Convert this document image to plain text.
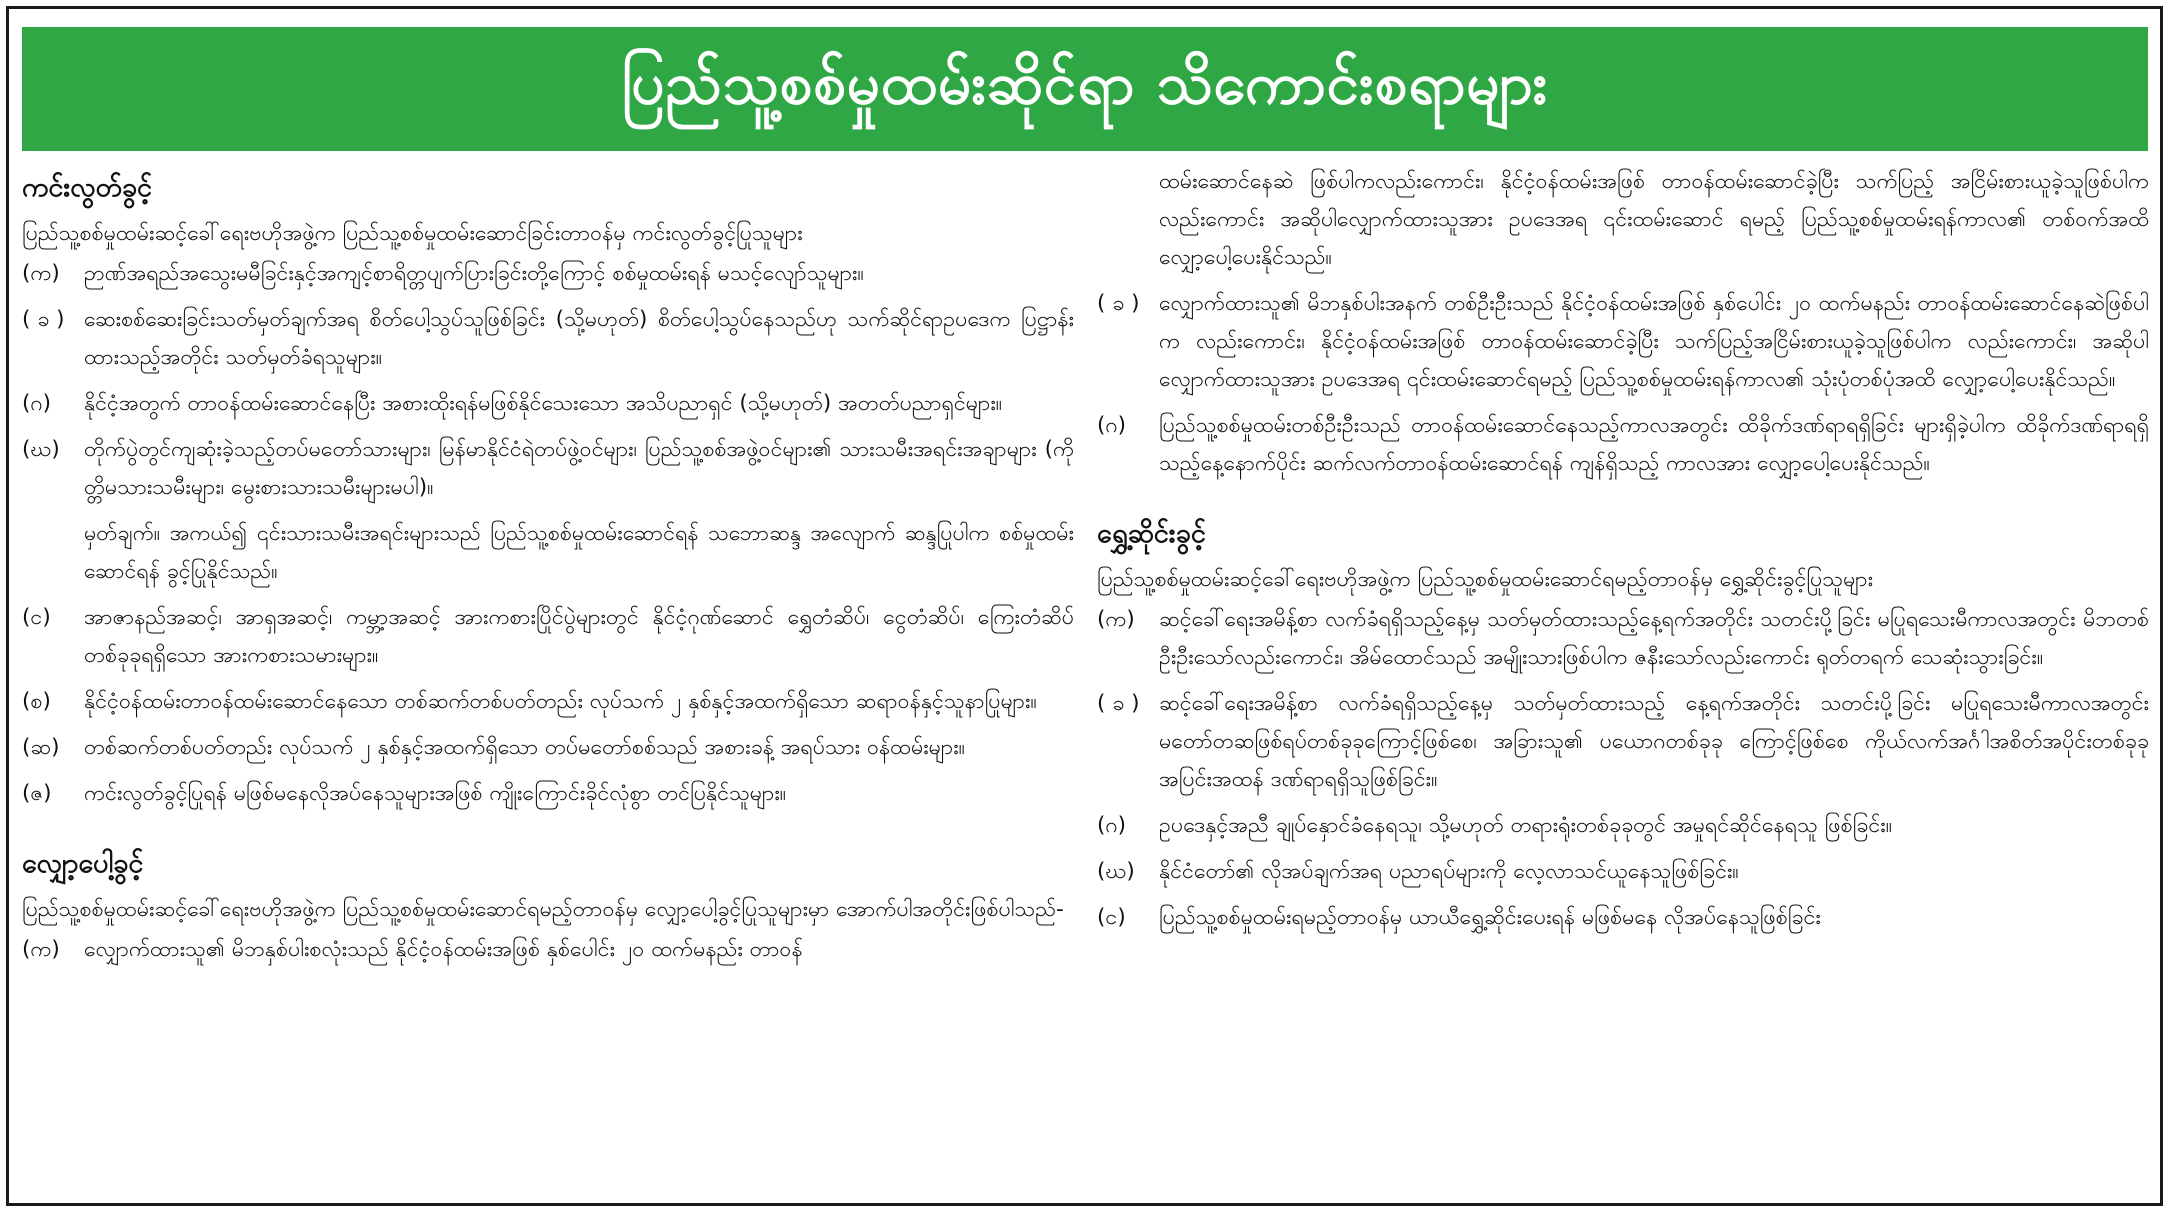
ပြည်သူ့စစ်မှုထမ်းဆိုင်ရာ သိကောင်းစရာများ
ကင်းလွတ်ခွင့်

ပြည်သူ့စစ်မှုထမ်းဆင့်ခေါ်ရေးဗဟိုအဖွဲ့က ပြည်သူ့စစ်မှုထမ်းဆောင်ခြင်းတာဝန်မှ ကင်းလွတ်ခွင့်ပြုသူများ

(က)	ဉာဏ်အရည်အသွေးမမီခြင်းနှင့်အကျင့်စာရိတ္တပျက်ပြားခြင်းတို့ကြောင့် စစ်မှုထမ်းရန် မသင့်လျော်သူများ။
( ခ ) ဆေးစစ်ဆေးခြင်းသတ်မှတ်ချက်အရ စိတ်ပေါ့သွပ်သူဖြစ်ခြင်း (သို့မဟုတ်) စိတ်ပေါ့သွပ်နေသည်ဟု သက်ဆိုင်ရာဥပဒေက ပြဋ္ဌာန်းထားသည့်အတိုင်း သတ်မှတ်ခံရသူများ။
(ဂ)	နိုင်ငံ့အတွက် တာဝန်ထမ်းဆောင်နေပြီး အစားထိုးရန်မဖြစ်နိုင်သေးသော အသိပညာရှင် (သို့မဟုတ်) အတတ်ပညာရှင်များ။
(ဃ)	တိုက်ပွဲတွင်ကျဆုံးခဲ့သည့်တပ်မတော်သားများ၊ မြန်မာနိုင်ငံရဲတပ်ဖွဲ့ဝင်များ၊ ပြည်သူ့စစ်အဖွဲ့ဝင်များ၏ သားသမီးအရင်းအချာများ (ကိုတ္တိမသားသမီးများ၊ မွေးစားသားသမီးများမပါ)။
မှတ်ချက်။ အကယ်၍ ၎င်းသားသမီးအရင်းများသည် ပြည်သူ့စစ်မှုထမ်းဆောင်ရန် သဘောဆန္ဒ အလျောက် ဆန္ဒပြုပါက စစ်မှုထမ်းဆောင်ရန် ခွင့်ပြုနိုင်သည်။
(င)	အာဇာနည်အဆင့်၊ အာရှအဆင့်၊ ကမ္ဘာ့အဆင့် အားကစားပြိုင်ပွဲများတွင် နိုင်ငံ့ဂုဏ်ဆောင် ရွှေတံဆိပ်၊ ငွေတံဆိပ်၊ ကြေးတံဆိပ်တစ်ခုခုရရှိသော အားကစားသမားများ။
(စ)	နိုင်ငံ့ဝန်ထမ်းတာဝန်ထမ်းဆောင်နေသော တစ်ဆက်တစ်ပတ်တည်း လုပ်သက် ၂ နှစ်နှင့်အထက်ရှိသော ဆရာဝန်နှင့်သူနာပြုများ။
(ဆ)	တစ်ဆက်တစ်ပတ်တည်း လုပ်သက် ၂ နှစ်နှင့်အထက်ရှိသော တပ်မတော်စစ်သည် အစားခန့် အရပ်သား ဝန်ထမ်းများ။
(ဇ)	ကင်းလွတ်ခွင့်ပြုရန် မဖြစ်မနေလိုအပ်နေသူများအဖြစ် ကျိုးကြောင်းခိုင်လုံစွာ တင်ပြနိုင်သူများ။
လျှော့ပေါ့ခွင့်

ပြည်သူ့စစ်မှုထမ်းဆင့်ခေါ်ရေးဗဟိုအဖွဲ့က ပြည်သူ့စစ်မှုထမ်းဆောင်ရမည့်တာဝန်မှ လျှော့ပေါ့ခွင့်ပြုသူများမှာ အောက်ပါအတိုင်းဖြစ်ပါသည်-

(က)	လျှောက်ထားသူ၏ မိဘနှစ်ပါးစလုံးသည် နိုင်ငံ့ဝန်ထမ်းအဖြစ် နှစ်ပေါင်း ၂၀ ထက်မနည်း တာဝန်
ထမ်းဆောင်နေဆဲ ဖြစ်ပါကလည်းကောင်း၊ နိုင်ငံ့ဝန်ထမ်းအဖြစ် တာဝန်ထမ်းဆောင်ခဲ့ပြီး သက်ပြည့် အငြိမ်းစားယူခဲ့သူဖြစ်ပါကလည်းကောင်း အဆိုပါလျှောက်ထားသူအား ဥပဒေအရ ၎င်းထမ်းဆောင် ရမည့် ပြည်သူ့စစ်မှုထမ်းရန်ကာလ၏ တစ်ဝက်အထိ လျှော့ပေါ့ပေးနိုင်သည်။
( ခ ) လျှောက်ထားသူ၏ မိဘနှစ်ပါးအနက် တစ်ဦးဦးသည် နိုင်ငံ့ဝန်ထမ်းအဖြစ် နှစ်ပေါင်း ၂၀ ထက်မနည်း တာဝန်ထမ်းဆောင်နေဆဲဖြစ်ပါက လည်းကောင်း၊ နိုင်ငံ့ဝန်ထမ်းအဖြစ် တာဝန်ထမ်းဆောင်ခဲ့ပြီး သက်ပြည့်အငြိမ်းစားယူခဲ့သူဖြစ်ပါက လည်းကောင်း၊ အဆိုပါလျှောက်ထားသူအား ဥပဒေအရ ၎င်းထမ်းဆောင်ရမည့် ပြည်သူ့စစ်မှုထမ်းရန်ကာလ၏ သုံးပုံတစ်ပုံအထိ လျှော့ပေါ့ပေးနိုင်သည်။
(ဂ)	ပြည်သူ့စစ်မှုထမ်းတစ်ဦးဦးသည် တာဝန်ထမ်းဆောင်နေသည့်ကာလအတွင်း ထိခိုက်ဒဏ်ရာရရှိခြင်း များရှိခဲ့ပါက ထိခိုက်ဒဏ်ရာရရှိသည့်နေ့နောက်ပိုင်း ဆက်လက်တာဝန်ထမ်းဆောင်ရန် ကျန်ရှိသည့် ကာလအား လျှော့ပေါ့ပေးနိုင်သည်။
ရွှေ့ဆိုင်းခွင့်

ပြည်သူ့စစ်မှုထမ်းဆင့်ခေါ်ရေးဗဟိုအဖွဲ့က ပြည်သူ့စစ်မှုထမ်းဆောင်ရမည့်တာဝန်မှ ရွှေ့ဆိုင်းခွင့်ပြုသူများ

(က)	ဆင့်ခေါ်ရေးအမိန့်စာ လက်ခံရရှိသည့်နေ့မှ သတ်မှတ်ထားသည့်နေ့ရက်အတိုင်း သတင်းပို့ခြင်း မပြုရသေးမီကာလအတွင်း မိဘတစ်ဦးဦးသော်လည်းကောင်း၊ အိမ်ထောင်သည် အမျိုးသားဖြစ်ပါက ဇနီးသော်လည်းကောင်း ရုတ်တရက် သေဆုံးသွားခြင်း။
( ခ ) ဆင့်ခေါ်ရေးအမိန့်စာ လက်ခံရရှိသည့်နေ့မှ သတ်မှတ်ထားသည့် နေ့ရက်အတိုင်း သတင်းပို့ခြင်း မပြုရသေးမီကာလအတွင်း မတော်တဆဖြစ်ရပ်တစ်ခုခုကြောင့်ဖြစ်စေ၊ အခြားသူ၏ ပယောဂတစ်ခုခု ကြောင့်ဖြစ်စေ ကိုယ်လက်အင်္ဂါအစိတ်အပိုင်းတစ်ခုခု အပြင်းအထန် ဒဏ်ရာရရှိသူဖြစ်ခြင်း။
(ဂ)	ဥပဒေနှင့်အညီ ချုပ်နှောင်ခံနေရသူ၊ သို့မဟုတ် တရားရုံးတစ်ခုခုတွင် အမှုရင်ဆိုင်နေရသူ ဖြစ်ခြင်း။
(ဃ)	နိုင်ငံတော်၏ လိုအပ်ချက်အရ ပညာရပ်များကို လေ့လာသင်ယူနေသူဖြစ်ခြင်း။
(င)	ပြည်သူ့စစ်မှုထမ်းရမည့်တာဝန်မှ ယာယီရွှေ့ဆိုင်းပေးရန် မဖြစ်မနေ လိုအပ်နေသူဖြစ်ခြင်း
